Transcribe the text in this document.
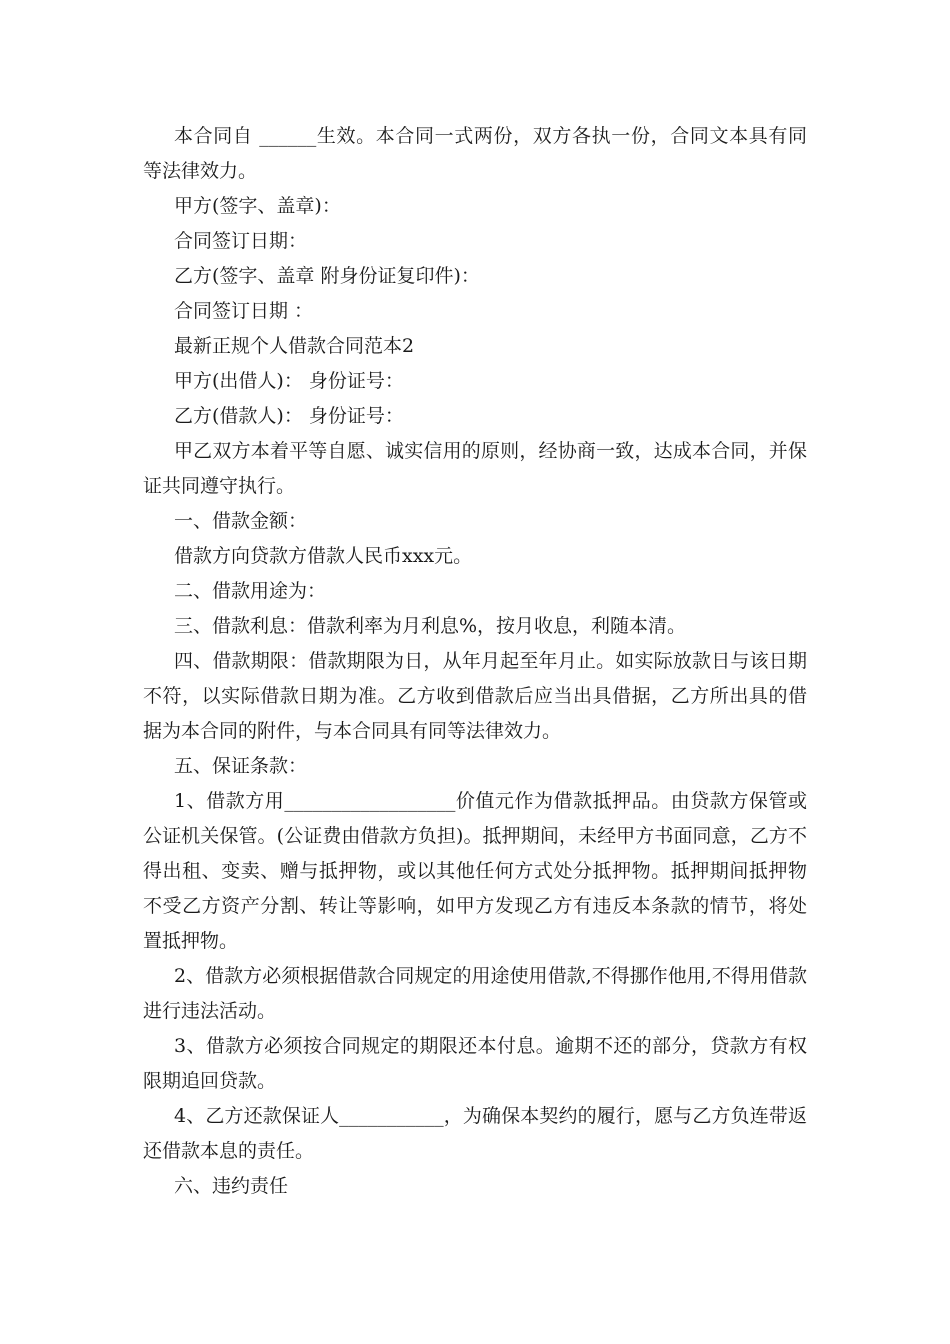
本合同自 ______生效。本合同一式两份，双方各执一份，合同文本具有同等法律效力。

甲方(签字、盖章)：

合同签订日期：

乙方(签字、盖章 附身份证复印件)：

合同签订日期 ：

最新正规个人借款合同范本2

甲方(出借人)： 身份证号：

乙方(借款人)： 身份证号：

甲乙双方本着平等自愿、诚实信用的原则，经协商一致，达成本合同，并保证共同遵守执行。

一、借款金额：

借款方向贷款方借款人民币xxx元。

二、借款用途为：

三、借款利息：借款利率为月利息%，按月收息，利随本清。

四、借款期限：借款期限为日，从年月起至年月止。如实际放款日与该日期不符，以实际借款日期为准。乙方收到借款后应当出具借据，乙方所出具的借据为本合同的附件，与本合同具有同等法律效力。

五、保证条款：

1、借款方用__________________价值元作为借款抵押品。由贷款方保管或公证机关保管。(公证费由借款方负担)。抵押期间，未经甲方书面同意，乙方不得出租、变卖、赠与抵押物，或以其他任何方式处分抵押物。抵押期间抵押物不受乙方资产分割、转让等影响，如甲方发现乙方有违反本条款的情节，将处置抵押物。

2、借款方必须根据借款合同规定的用途使用借款,不得挪作他用,不得用借款进行违法活动。

3、借款方必须按合同规定的期限还本付息。逾期不还的部分，贷款方有权限期追回贷款。

4、乙方还款保证人___________，为确保本契约的履行，愿与乙方负连带返还借款本息的责任。

六、违约责任
